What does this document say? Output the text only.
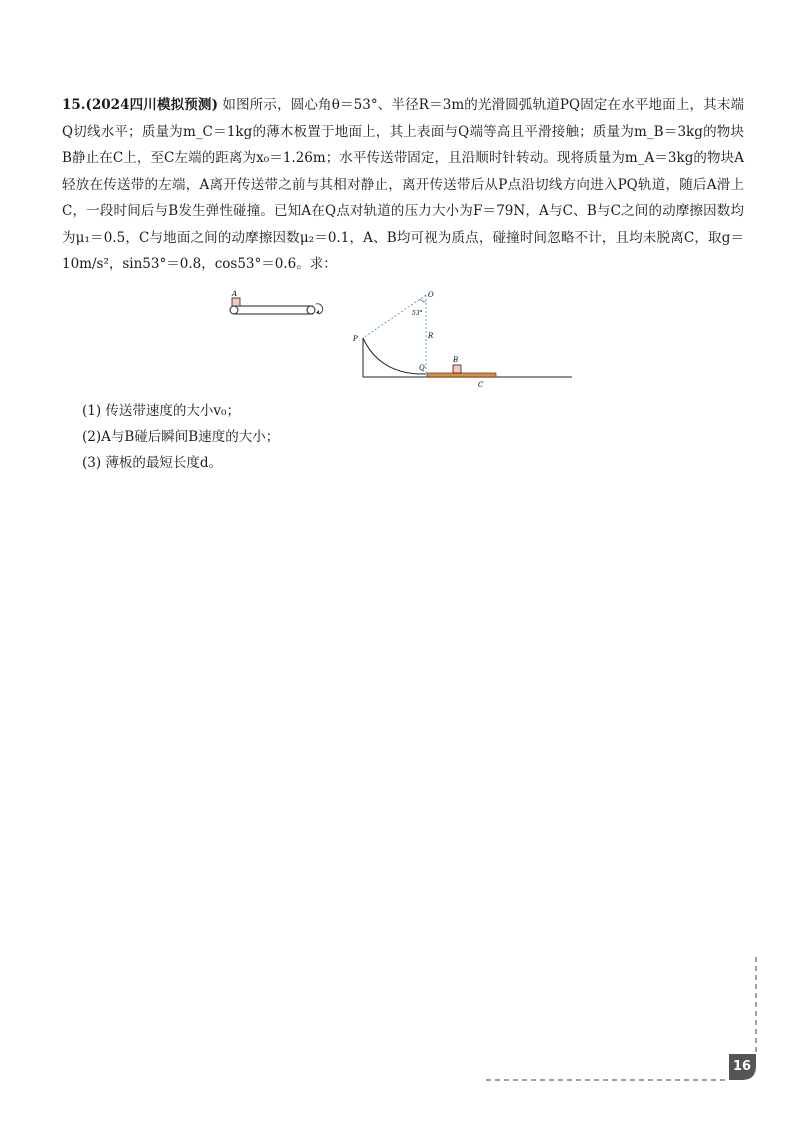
15.(2024四川模拟预测) 如图所示，圆心角θ＝53°、半径R＝3m的光滑圆弧轨道PQ固定在水平地面上，其末端Q切线水平；质量为m_C＝1kg的薄木板置于地面上，其上表面与Q端等高且平滑接触；质量为m_B＝3kg的物块B静止在C上，至C左端的距离为x₀＝1.26m；水平传送带固定，且沿顺时针转动。现将质量为m_A＝3kg的物块A轻放在传送带的左端，A离开传送带之前与其相对静止，离开传送带后从P点沿切线方向进入PQ轨道，随后A滑上C，一段时间后与B发生弹性碰撞。已知A在Q点对轨道的压力大小为F＝79N，A与C、B与C之间的动摩擦因数均为μ₁＝0.5，C与地面之间的动摩擦因数μ₂＝0.1，A、B均可视为质点，碰撞时间忽略不计，且均未脱离C，取g＝10m/s²，sin53°＝0.8，cos53°＝0.6。求：

A	O
53°
R
P
Q
B
C
(1) 传送带速度的大小v₀；
(2)A与B碰后瞬间B速度的大小；
(3) 薄板的最短长度d。
16
